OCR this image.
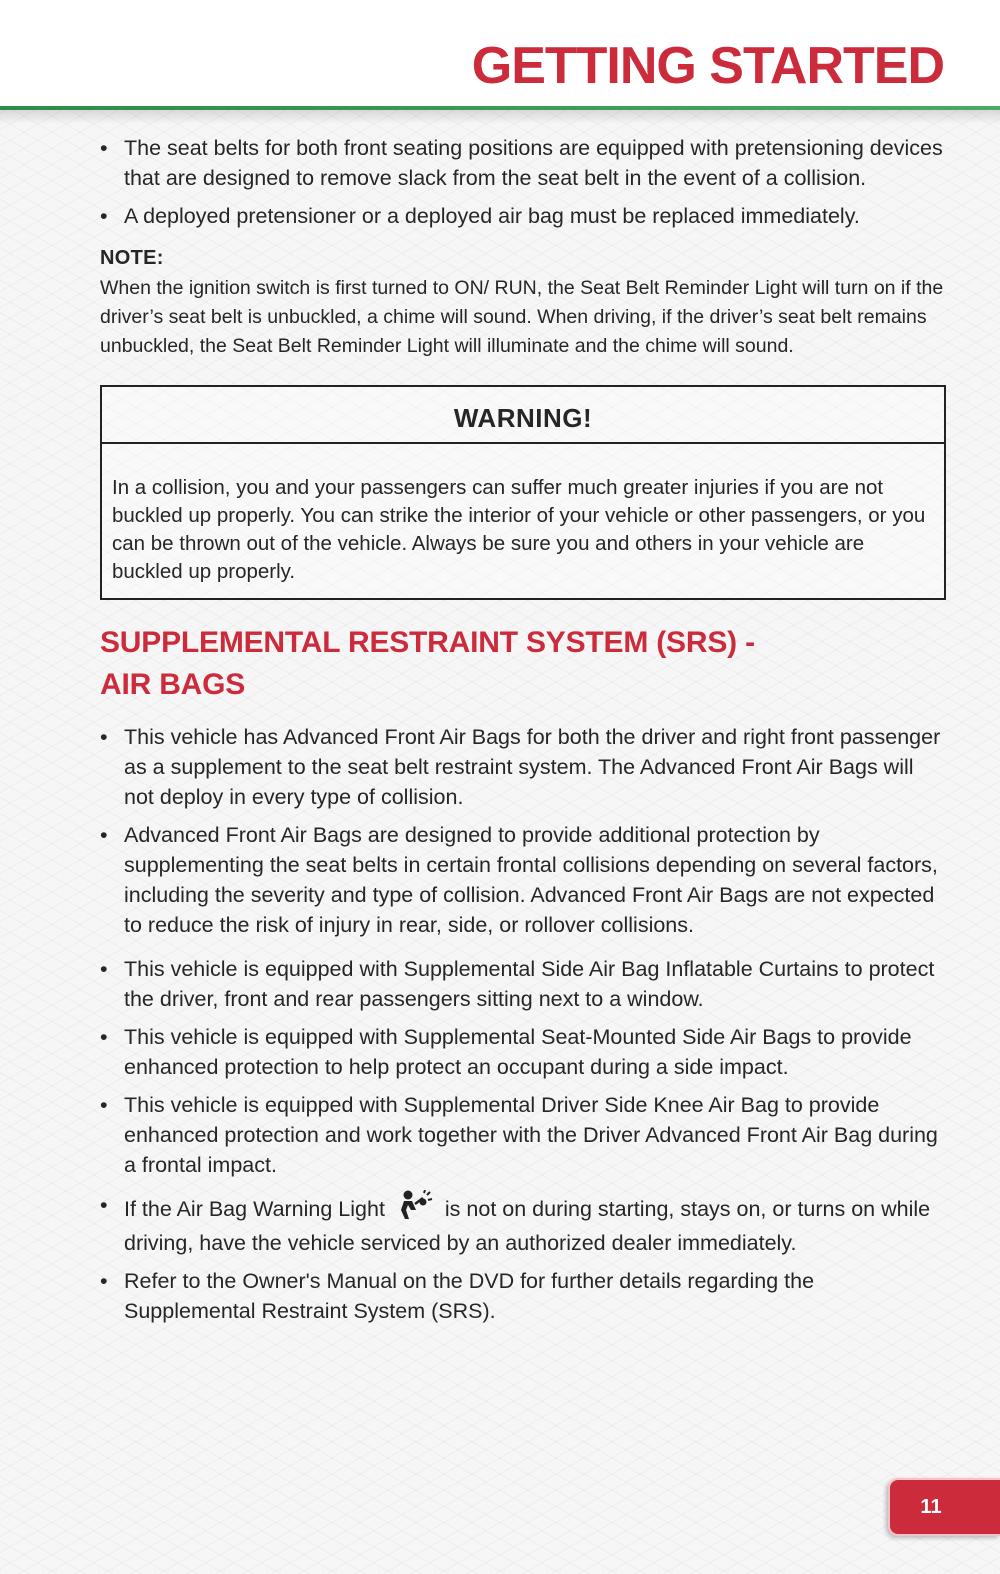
GETTING STARTED
• The seat belts for both front seating positions are equipped with pretensioning devices that are designed to remove slack from the seat belt in the event of a collision.
• A deployed pretensioner or a deployed air bag must be replaced immediately.
NOTE:

When the ignition switch is first turned to ON/ RUN, the Seat Belt Reminder Light will turn on if the driver’s seat belt is unbuckled, a chime will sound. When driving, if the driver’s seat belt remains unbuckled, the Seat Belt Reminder Light will illuminate and the chime will sound.

WARNING!
In a collision, you and your passengers can suffer much greater injuries if you are not buckled up properly. You can strike the interior of your vehicle or other passengers, or you can be thrown out of the vehicle. Always be sure you and others in your vehicle are buckled up properly.
SUPPLEMENTAL RESTRAINT SYSTEM (SRS) -
AIR BAGS
• This vehicle has Advanced Front Air Bags for both the driver and right front passenger as a supplement to the seat belt restraint system. The Advanced Front Air Bags will not deploy in every type of collision.
• Advanced Front Air Bags are designed to provide additional protection by supplementing the seat belts in certain frontal collisions depending on several factors, including the severity and type of collision. Advanced Front Air Bags are not expected to reduce the risk of injury in rear, side, or rollover collisions.
• This vehicle is equipped with Supplemental Side Air Bag Inflatable Curtains to protect the driver, front and rear passengers sitting next to a window.
• This vehicle is equipped with Supplemental Seat-Mounted Side Air Bags to provide enhanced protection to help protect an occupant during a side impact.
• This vehicle is equipped with Supplemental Driver Side Knee Air Bag to provide enhanced protection and work together with the Driver Advanced Front Air Bag during a frontal impact.
• If the Air Bag Warning Light	is not on during starting, stays on, or turns on while driving, have the vehicle serviced by an authorized dealer immediately.
• Refer to the Owner's Manual on the DVD for further details regarding the Supplemental Restraint System (SRS).
11
